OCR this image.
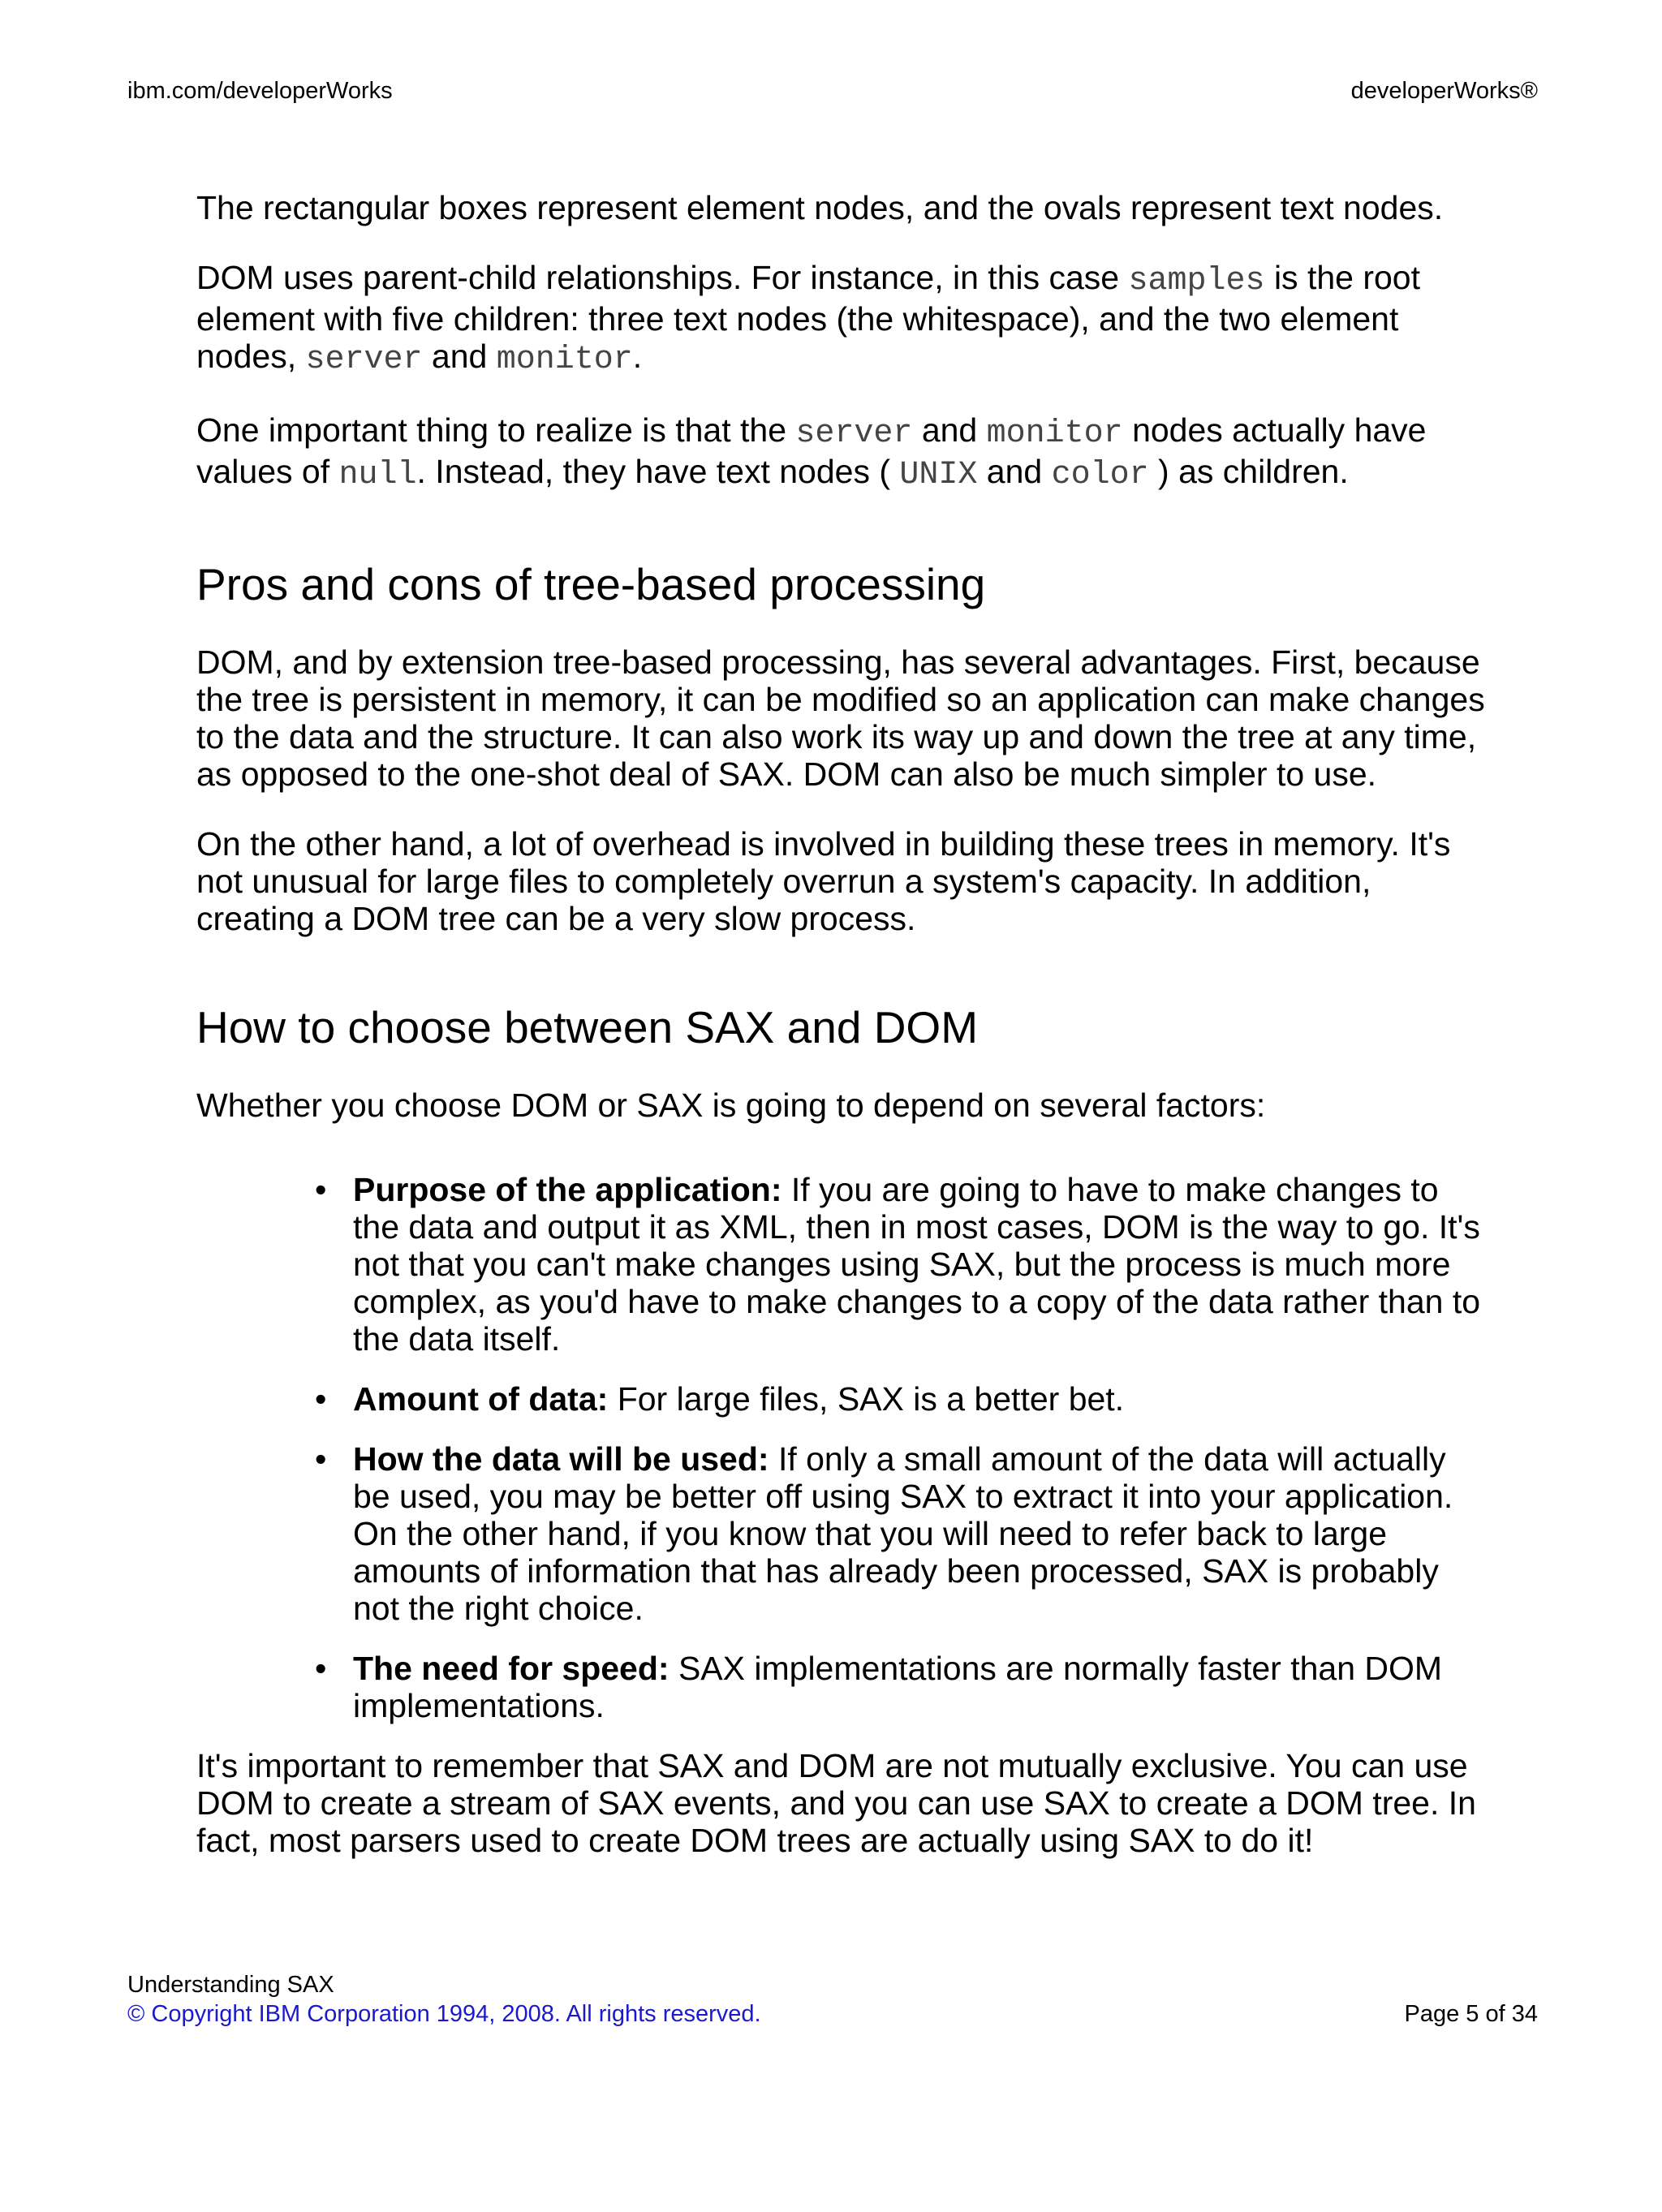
ibm.com/developerWorks	developerWorks®

The rectangular boxes represent element nodes, and the ovals represent text nodes.

DOM uses parent-child relationships. For instance, in this case samples is the root element with five children: three text nodes (the whitespace), and the two element nodes, server and monitor.

One important thing to realize is that the server and monitor nodes actually have values of null. Instead, they have text nodes ( UNIX and color ) as children.

Pros and cons of tree-based processing

DOM, and by extension tree-based processing, has several advantages. First, because the tree is persistent in memory, it can be modified so an application can make changes to the data and the structure. It can also work its way up and down the tree at any time, as opposed to the one-shot deal of SAX. DOM can also be much simpler to use.

On the other hand, a lot of overhead is involved in building these trees in memory. It's not unusual for large files to completely overrun a system's capacity. In addition, creating a DOM tree can be a very slow process.

How to choose between SAX and DOM

Whether you choose DOM or SAX is going to depend on several factors:

• Purpose of the application: If you are going to have to make changes to the data and output it as XML, then in most cases, DOM is the way to go. It's not that you can't make changes using SAX, but the process is much more complex, as you'd have to make changes to a copy of the data rather than to the data itself.
• Amount of data: For large files, SAX is a better bet.
• How the data will be used: If only a small amount of the data will actually be used, you may be better off using SAX to extract it into your application. On the other hand, if you know that you will need to refer back to large amounts of information that has already been processed, SAX is probably not the right choice.
• The need for speed: SAX implementations are normally faster than DOM implementations.

It's important to remember that SAX and DOM are not mutually exclusive. You can use DOM to create a stream of SAX events, and you can use SAX to create a DOM tree. In fact, most parsers used to create DOM trees are actually using SAX to do it!

Understanding SAX
© Copyright IBM Corporation 1994, 2008. All rights reserved.	Page 5 of 34
